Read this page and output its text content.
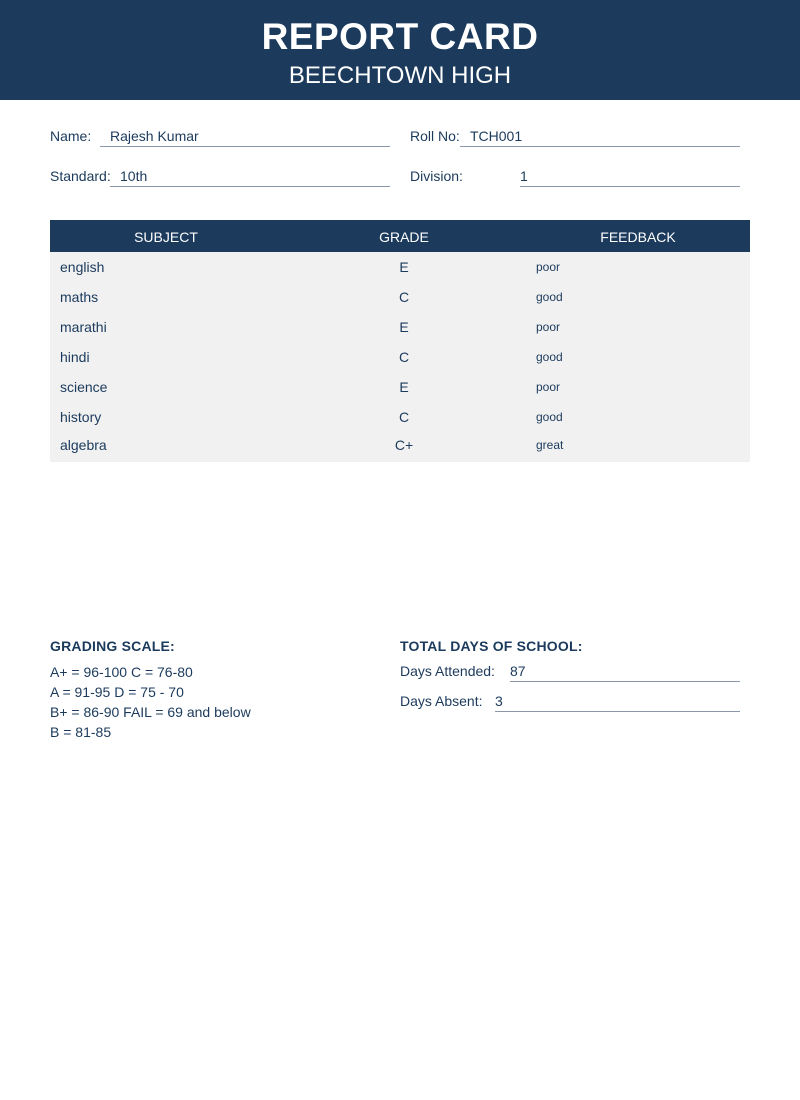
REPORT CARD
BEECHTOWN HIGH
Name: Rajesh Kumar	Roll No: TCH001
Standard: 10th	Division:	1
SUBJECT	GRADE	FEEDBACK
english	E	poor
maths	C	good
marathi	E	poor
hindi	C	good
science	E	poor
history	C	good
algebra	C+	great
GRADING SCALE:
A+ = 96-100 C = 76-80
A = 91-95 D = 75 - 70
B+ = 86-90 FAIL = 69 and below
B = 81-85
TOTAL DAYS OF SCHOOL:
Days Attended: 87
Days Absent: 3
